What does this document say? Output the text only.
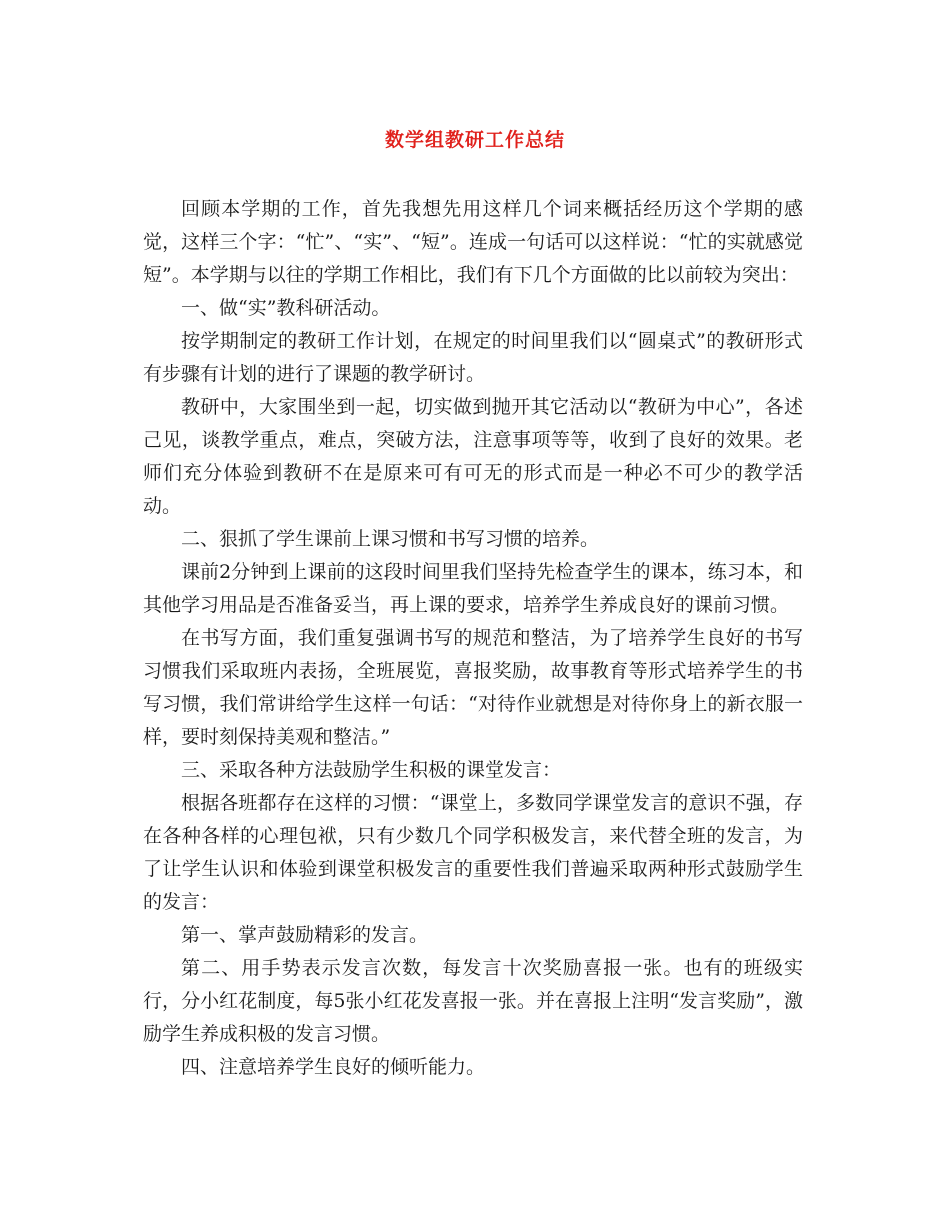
数学组教研工作总结

回顾本学期的工作，首先我想先用这样几个词来概括经历这个学期的感觉，这样三个字：“忙”、“实”、“短”。连成一句话可以这样说：“忙的实就感觉短”。本学期与以往的学期工作相比，我们有下几个方面做的比以前较为突出：

一、做“实”教科研活动。

按学期制定的教研工作计划，在规定的时间里我们以“圆桌式”的教研形式有步骤有计划的进行了课题的教学研讨。

教研中，大家围坐到一起，切实做到抛开其它活动以“教研为中心”，各述己见，谈教学重点，难点，突破方法，注意事项等等，收到了良好的效果。老师们充分体验到教研不在是原来可有可无的形式而是一种必不可少的教学活动。

二、狠抓了学生课前上课习惯和书写习惯的培养。

课前2分钟到上课前的这段时间里我们坚持先检查学生的课本，练习本，和其他学习用品是否准备妥当，再上课的要求，培养学生养成良好的课前习惯。

在书写方面，我们重复强调书写的规范和整洁，为了培养学生良好的书写习惯我们采取班内表扬，全班展览，喜报奖励，故事教育等形式培养学生的书写习惯，我们常讲给学生这样一句话：“对待作业就想是对待你身上的新衣服一样，要时刻保持美观和整洁。”

三、采取各种方法鼓励学生积极的课堂发言：

根据各班都存在这样的习惯：“课堂上，多数同学课堂发言的意识不强，存在各种各样的心理包袱，只有少数几个同学积极发言，来代替全班的发言，为了让学生认识和体验到课堂积极发言的重要性我们普遍采取两种形式鼓励学生的发言：

第一、掌声鼓励精彩的发言。

第二、用手势表示发言次数，每发言十次奖励喜报一张。也有的班级实行，分小红花制度，每5张小红花发喜报一张。并在喜报上注明“发言奖励”，激励学生养成积极的发言习惯。

四、注意培养学生良好的倾听能力。
